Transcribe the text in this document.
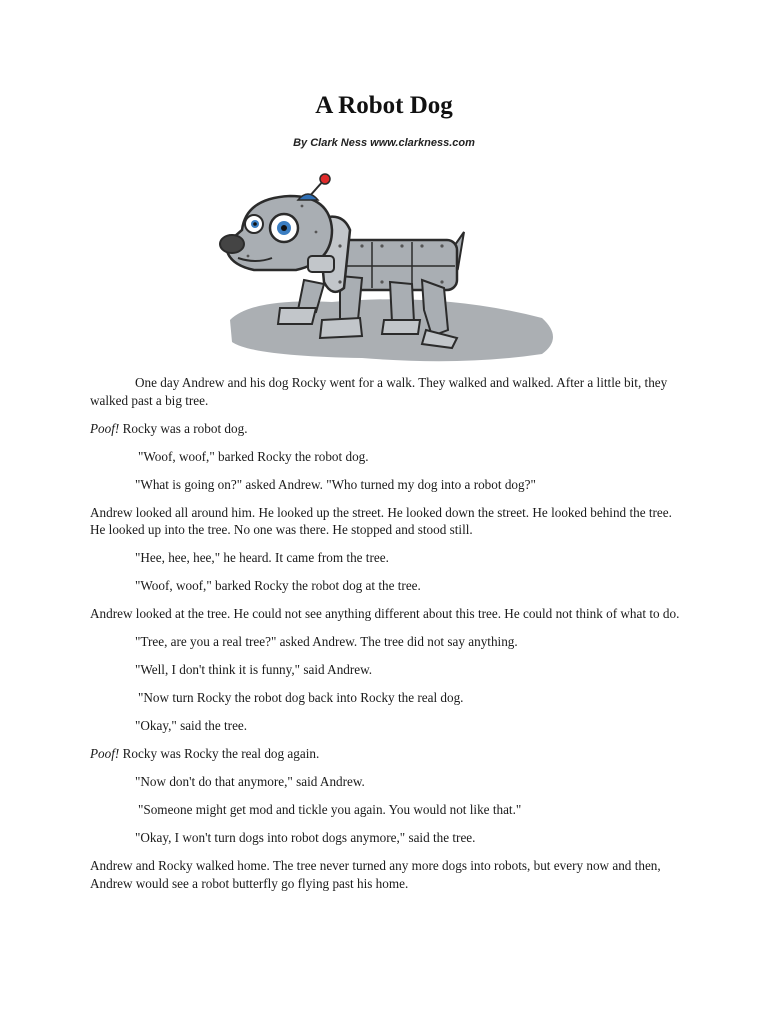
A Robot Dog
By Clark Ness www.clarkness.com

One day Andrew and his dog Rocky went for a walk. They walked and walked. After a little bit, they walked past a big tree.

Poof! Rocky was a robot dog.

"Woof, woof," barked Rocky the robot dog.

"What is going on?" asked Andrew. "Who turned my dog into a robot dog?"

Andrew looked all around him. He looked up the street. He looked down the street. He looked behind the tree. He looked up into the tree. No one was there. He stopped and stood still.

"Hee, hee, hee," he heard. It came from the tree.

"Woof, woof," barked Rocky the robot dog at the tree.

Andrew looked at the tree. He could not see anything different about this tree. He could not think of what to do.

"Tree, are you a real tree?" asked Andrew. The tree did not say anything.

"Well, I don't think it is funny," said Andrew.

"Now turn Rocky the robot dog back into Rocky the real dog.

"Okay," said the tree.

Poof! Rocky was Rocky the real dog again.

"Now don't do that anymore," said Andrew.

"Someone might get mod and tickle you again. You would not like that."

"Okay, I won't turn dogs into robot dogs anymore," said the tree.

Andrew and Rocky walked home. The tree never turned any more dogs into robots, but every now and then, Andrew would see a robot butterfly go flying past his home.
